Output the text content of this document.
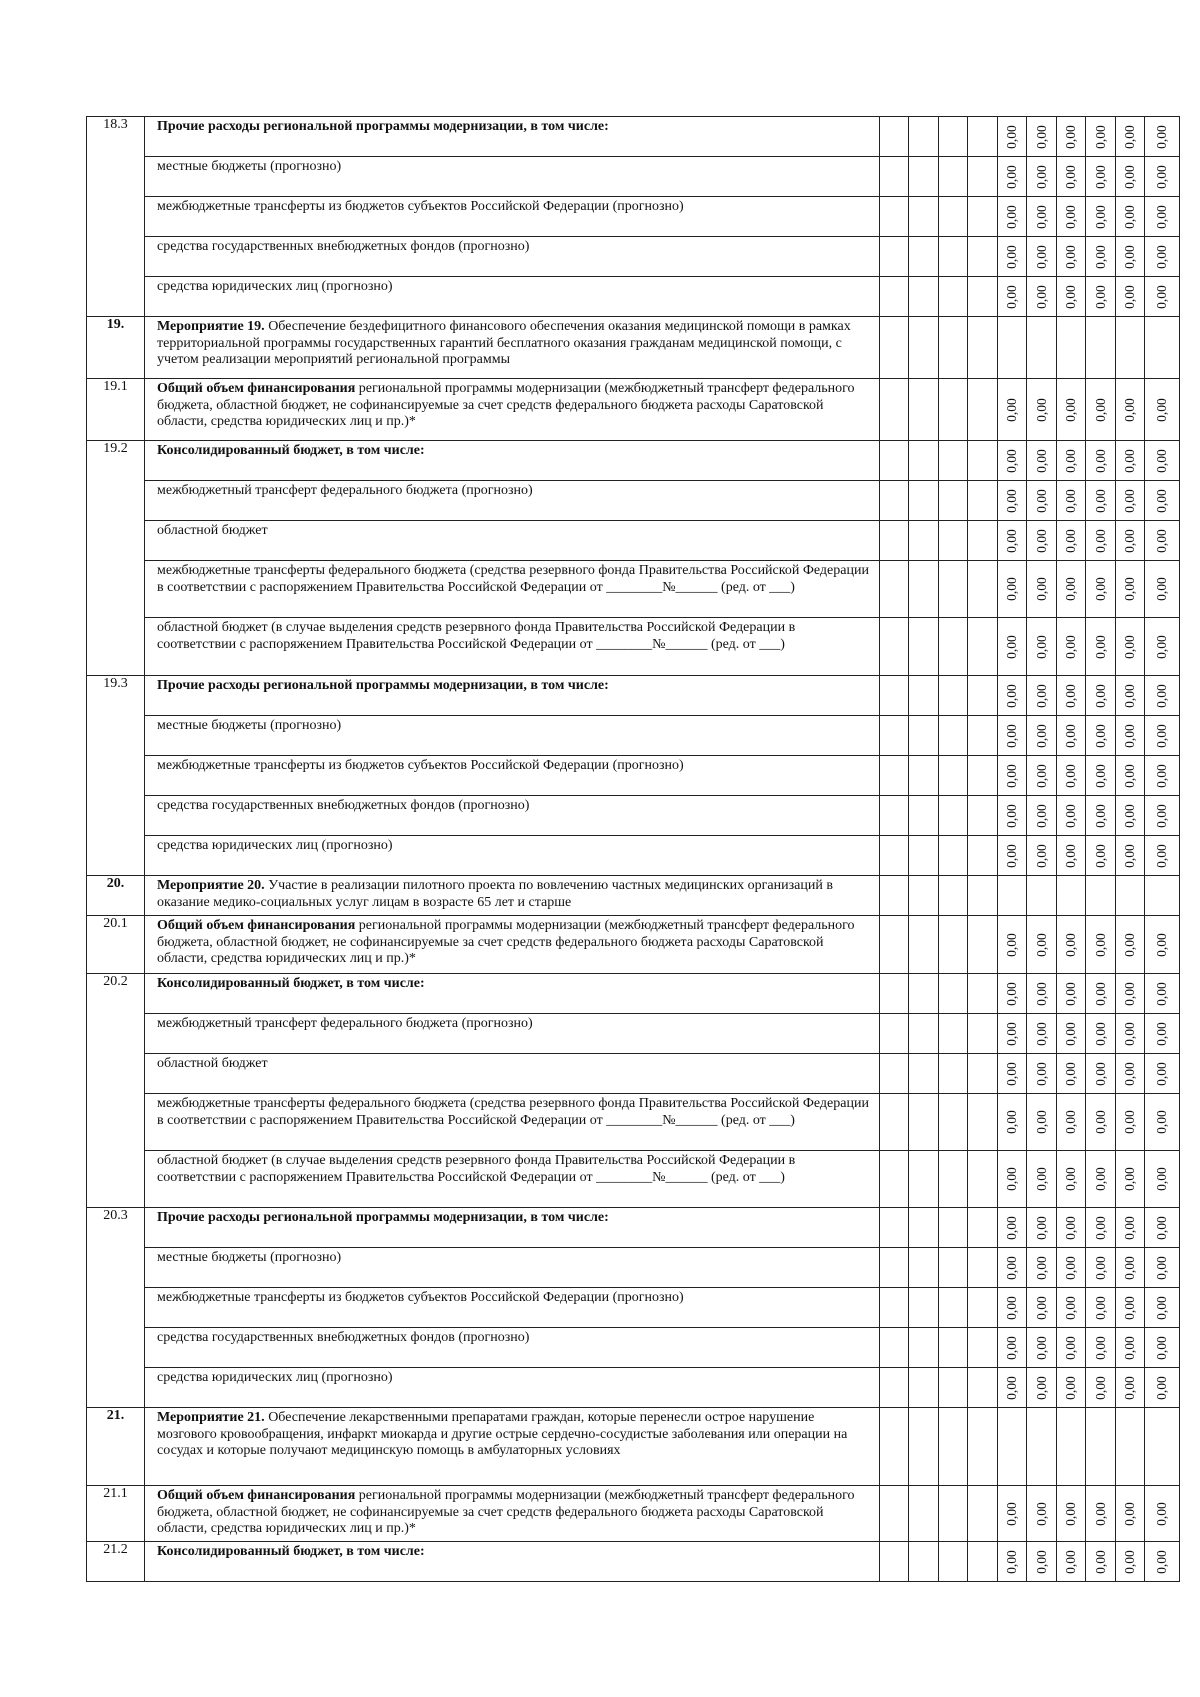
18.3	Прочие расходы региональной программы модернизации, в том числе:					0,00	0,00	0,00	0,00	0,00	0,00

	местные бюджеты (прогнозно)					0,00	0,00	0,00	0,00	0,00	0,00

	межбюджетные трансферты из бюджетов субъектов Российской Федерации (прогнозно)					0,00	0,00	0,00	0,00	0,00	0,00

	средства государственных внебюджетных фондов (прогнозно)					0,00	0,00	0,00	0,00	0,00	0,00

	средства юридических лиц (прогнозно)					0,00	0,00	0,00	0,00	0,00	0,00

19.	Мероприятие 19. Обеспечение бездефицитного финансового обеспечения оказания медицинской помощи в рамках территориальной программы государственных гарантий бесплатного оказания гражданам медицинской помощи, с учетом реализации мероприятий региональной программы					

19.1	Общий объем финансирования региональной программы модернизации (межбюджетный трансферт федерального бюджета, областной бюджет, не софинансируемые за счет средств федерального бюджета расходы Саратовской области, средства юридических лиц и пр.)*					0,00	0,00	0,00	0,00	0,00	0,00

19.2	Консолидированный бюджет, в том числе:					0,00	0,00	0,00	0,00	0,00	0,00

	межбюджетный трансферт федерального бюджета (прогнозно)					0,00	0,00	0,00	0,00	0,00	0,00

	областной бюджет					0,00	0,00	0,00	0,00	0,00	0,00

	межбюджетные трансферты федерального бюджета (средства резервного фонда Правительства Российской Федерации в соответствии с распоряжением Правительства Российской Федерации от ________№______ (ред. от ___)					0,00	0,00	0,00	0,00	0,00	0,00

	областной бюджет (в случае выделения средств резервного фонда Правительства Российской Федерации в соответствии с распоряжением Правительства Российской Федерации от ________№______ (ред. от ___)					0,00	0,00	0,00	0,00	0,00	0,00

19.3	Прочие расходы региональной программы модернизации, в том числе:					0,00	0,00	0,00	0,00	0,00	0,00

	местные бюджеты (прогнозно)					0,00	0,00	0,00	0,00	0,00	0,00

	межбюджетные трансферты из бюджетов субъектов Российской Федерации (прогнозно)					0,00	0,00	0,00	0,00	0,00	0,00

	средства государственных внебюджетных фондов (прогнозно)					0,00	0,00	0,00	0,00	0,00	0,00

	средства юридических лиц (прогнозно)					0,00	0,00	0,00	0,00	0,00	0,00

20.	Мероприятие 20. Участие в реализации пилотного проекта по вовлечению частных медицинских организаций в оказание медико-социальных услуг лицам в возрасте 65 лет и старше					

20.1	Общий объем финансирования региональной программы модернизации (межбюджетный трансферт федерального бюджета, областной бюджет, не софинансируемые за счет средств федерального бюджета расходы Саратовской области, средства юридических лиц и пр.)*					0,00	0,00	0,00	0,00	0,00	0,00

20.2	Консолидированный бюджет, в том числе:					0,00	0,00	0,00	0,00	0,00	0,00

	межбюджетный трансферт федерального бюджета (прогнозно)					0,00	0,00	0,00	0,00	0,00	0,00

	областной бюджет					0,00	0,00	0,00	0,00	0,00	0,00

	межбюджетные трансферты федерального бюджета (средства резервного фонда Правительства Российской Федерации в соответствии с распоряжением Правительства Российской Федерации от ________№______ (ред. от ___)					0,00	0,00	0,00	0,00	0,00	0,00

	областной бюджет (в случае выделения средств резервного фонда Правительства Российской Федерации в соответствии с распоряжением Правительства Российской Федерации от ________№______ (ред. от ___)					0,00	0,00	0,00	0,00	0,00	0,00

20.3	Прочие расходы региональной программы модернизации, в том числе:					0,00	0,00	0,00	0,00	0,00	0,00

	местные бюджеты (прогнозно)					0,00	0,00	0,00	0,00	0,00	0,00

	межбюджетные трансферты из бюджетов субъектов Российской Федерации (прогнозно)					0,00	0,00	0,00	0,00	0,00	0,00

	средства государственных внебюджетных фондов (прогнозно)					0,00	0,00	0,00	0,00	0,00	0,00

	средства юридических лиц (прогнозно)					0,00	0,00	0,00	0,00	0,00	0,00

21.	Мероприятие 21. Обеспечение лекарственными препаратами граждан, которые перенесли острое нарушение мозгового кровообращения, инфаркт миокарда и другие острые сердечно-сосудистые заболевания или операции на сосудах и которые получают медицинскую помощь в амбулаторных условиях					

21.1	Общий объем финансирования региональной программы модернизации (межбюджетный трансферт федерального бюджета, областной бюджет, не софинансируемые за счет средств федерального бюджета расходы Саратовской области, средства юридических лиц и пр.)*					0,00	0,00	0,00	0,00	0,00	0,00

21.2	Консолидированный бюджет, в том числе:					0,00	0,00	0,00	0,00	0,00	0,00
